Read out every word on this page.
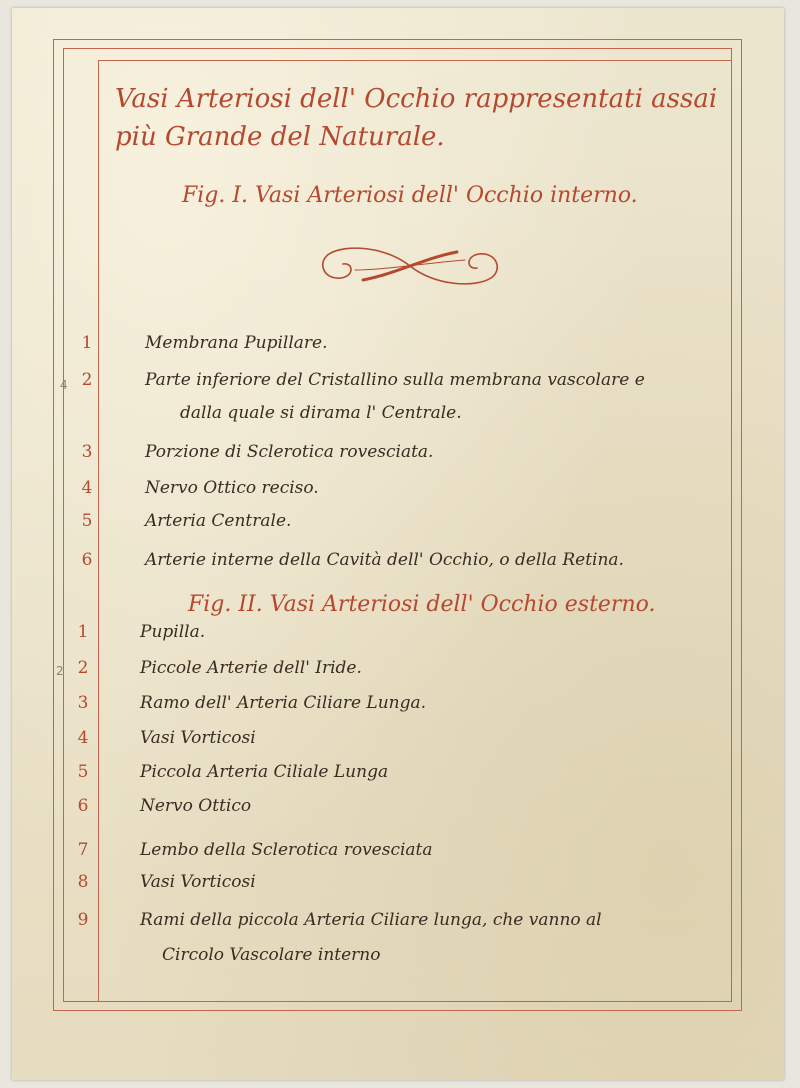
Vasi Arteriosi dell' Occhio rappresentati assai più Grande del Naturale.
Fig. I. Vasi Arteriosi dell' Occhio interno.
1	Membrana Pupillare.
2	Parte inferiore del Cristallino sulla membrana vascolare e
dalla quale si dirama l' Centrale.
3	Porzione di Sclerotica rovesciata.
4	Nervo Ottico reciso.
5	Arteria Centrale.
6	Arterie interne della Cavità dell' Occhio, o della Retina.
1	Pupilla.
2	Piccole Arterie dell' Iride.
3	Ramo dell' Arteria Ciliare Lunga.
4	Vasi Vorticosi
5	Piccola Arteria Ciliale Lunga
6	Nervo Ottico
7	Lembo della Sclerotica rovesciata
8	Vasi Vorticosi
9	Rami della piccola Arteria Ciliare lunga, che vanno al
Circolo Vascolare interno
Fig. II. Vasi Arteriosi dell' Occhio esterno.
4
2
